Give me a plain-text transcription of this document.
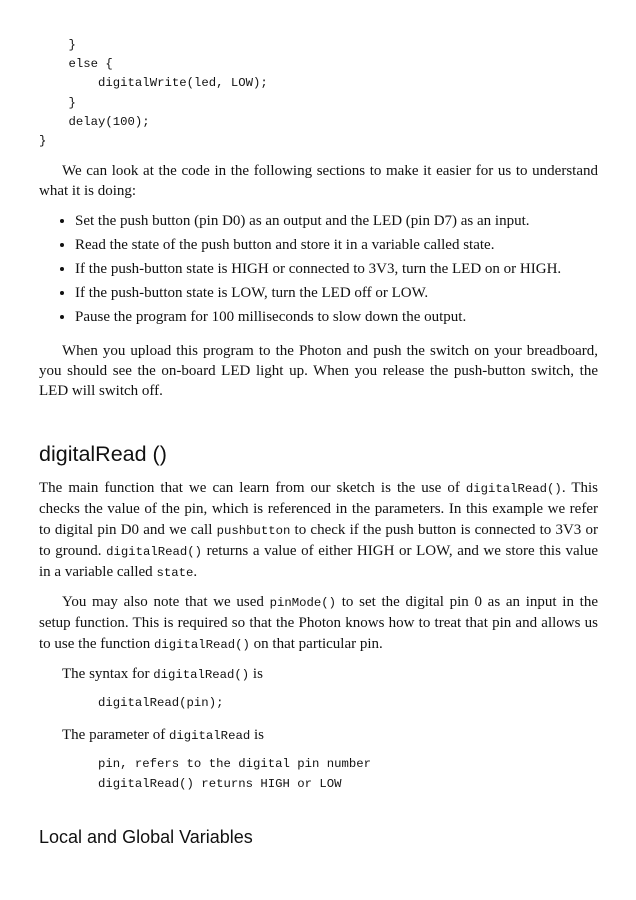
}
else {
digitalWrite(led, LOW);
}
delay(100);
}

We can look at the code in the following sections to make it easier for us to understand what it is doing:

• Set the push button (pin D0) as an output and the LED (pin D7) as an input.
• Read the state of the push button and store it in a variable called state.
• If the push-button state is HIGH or connected to 3V3, turn the LED on or HIGH.
• If the push-button state is LOW, turn the LED off or LOW.
• Pause the program for 100 milliseconds to slow down the output.

When you upload this program to the Photon and push the switch on your breadboard, you should see the on-board LED light up. When you release the push-button switch, the LED will switch off.

digitalRead ()

The main function that we can learn from our sketch is the use of digitalRead(). This checks the value of the pin, which is referenced in the parameters. In this example we refer to digital pin D0 and we call pushbutton to check if the push button is connected to 3V3 or to ground. digitalRead() returns a value of either HIGH or LOW, and we store this value in a variable called state.

You may also note that we used pinMode() to set the digital pin 0 as an input in the setup function. This is required so that the Photon knows how to treat that pin and allows us to use the function digitalRead() on that particular pin.

The syntax for digitalRead() is

digitalRead(pin);

The parameter of digitalRead is

pin, refers to the digital pin number
digitalRead() returns HIGH or LOW
Local and Global Variables
